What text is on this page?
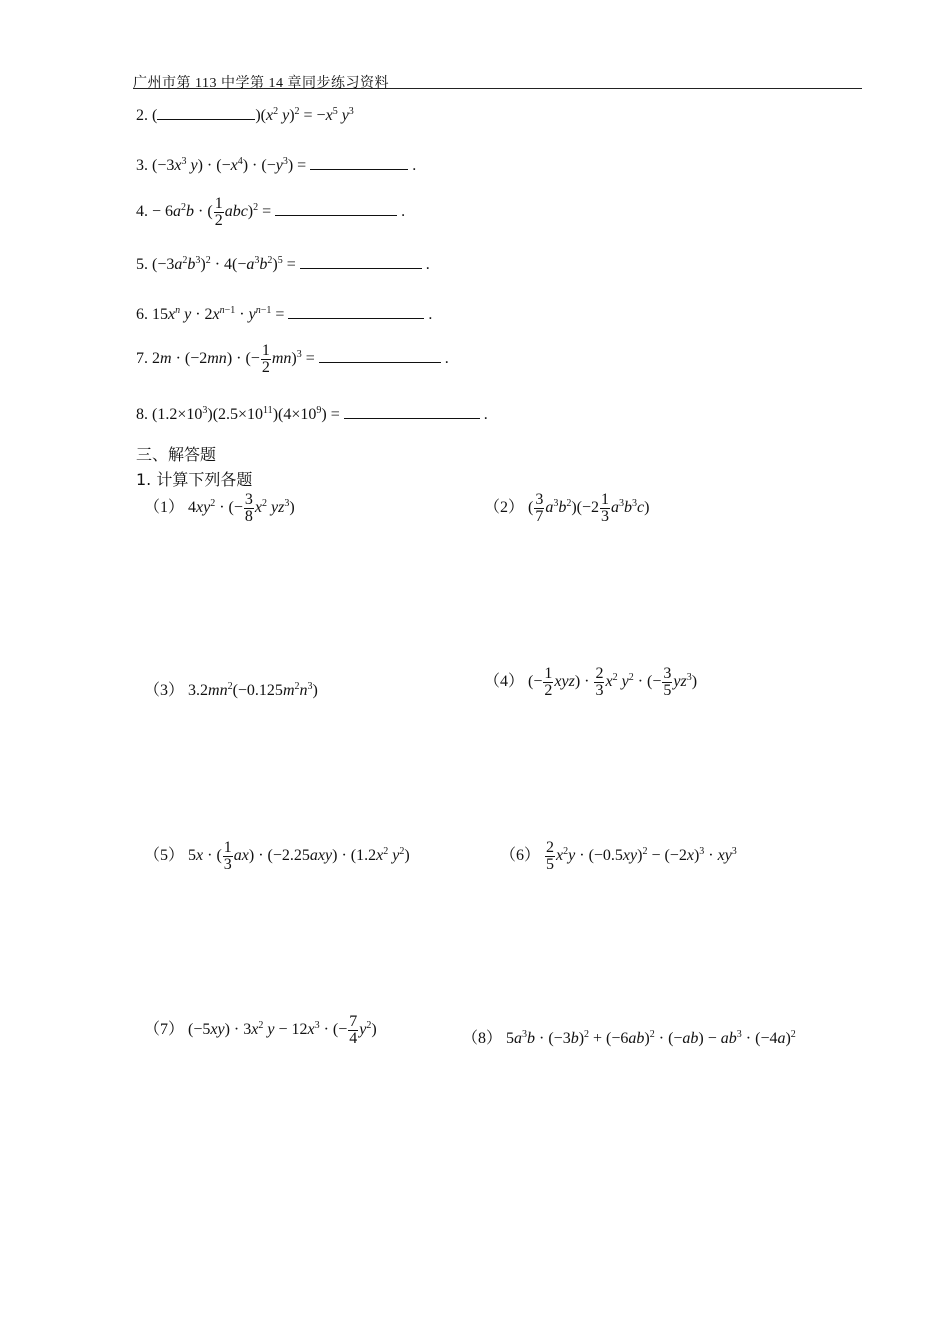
广州市第 113 中学第 14 章同步练习资料
2. (	)($x^2$ $y)^2 = -x^5$ $y^3$
3. ($-3x^3$ $y) \cdot (-x^4) \cdot (-y^3)$ =	.
4. − $6a^2b$ · ( $\frac{1}{2} abc)^2$ =	.
5. $(-3a^2b^3)^2 \cdot 4(-a^3b^2)^5$ =	.
6. $15x^n$ $y \cdot 2x^{n-1} \cdot y^{n-1}$ =	.
7. 2m · (−2mn) · (− $\frac{1}{2} mn)^3$ =	.
8. $(1.2\times 10^3)(2.5\times 10^{11})(4\times 10^9)$ =	.
三、解答题
1. 计算下列各题
（1） $4xy^2$ · (− $\frac{3}{8} x^2$ $yz^3$)	（2） ( $\frac{3}{7} a^3b^2)(-2 \frac{1}{3} a^3b^3c)$
（3） $3.2mn^2(-0.125m^2n^3)$
（4） (− $\frac{1}{2} xyz) \cdot \frac{2}{3} x^2$ $y^2$ · (− $\frac{3}{5} yz^3$)
（5） 5x · ( $\frac{1}{3} ax) \cdot (-2.25axy) \cdot (1.2x^2$ $y^2$)	$(6) \frac{2}{5} x^2y \cdot (-0.5xy)^2 - (-2x)^3 \cdot xy^3$
（7） $(-5xy) \cdot 3x^2$ $y - 12x^3$ · (− $\frac{7}{4} y^2$)
（8） $5a^3b \cdot (-3b)^2 + (-6ab)^2 \cdot (-ab) - ab^3 \cdot (-4a)^2$
